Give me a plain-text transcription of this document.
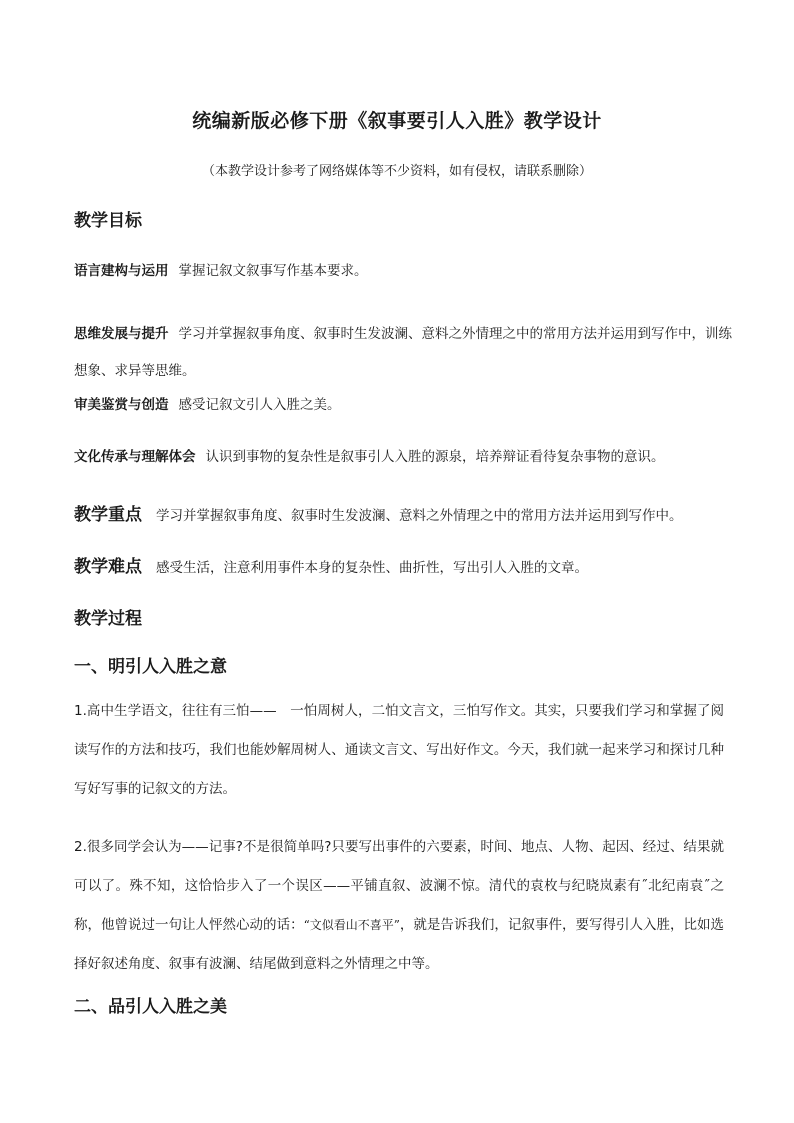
统编新版必修下册《叙事要引人入胜》教学设计
（本教学设计参考了网络媒体等不少资料，如有侵权，请联系删除）
教学目标
语言建构与运用 掌握记叙文叙事写作基本要求。
思维发展与提升 学习并掌握叙事角度、叙事时生发波澜、意料之外情理之中的常用方法并运用到写作中，训练想象、求异等思维。
审美鉴赏与创造 感受记叙文引人入胜之美。
文化传承与理解体会 认识到事物的复杂性是叙事引人入胜的源泉，培养辩证看待复杂事物的意识。
教学重点 学习并掌握叙事角度、叙事时生发波澜、意料之外情理之中的常用方法并运用到写作中。
教学难点 感受生活，注意利用事件本身的复杂性、曲折性，写出引人入胜的文章。
教学过程
一、明引人入胜之意
1.高中生学语文，往往有三怕——　一怕周树人，二怕文言文，三怕写作文。其实，只要我们学习和掌握了阅读写作的方法和技巧，我们也能妙解周树人、通读文言文、写出好作文。今天，我们就一起来学习和探讨几种写好写事的记叙文的方法。
2.很多同学会认为——记事?不是很简单吗?只要写出事件的六要素，时间、地点、人物、起因、经过、结果就可以了。殊不知，这恰恰步入了一个误区——平铺直叙、波澜不惊。清代的袁枚与纪晓岚素有˝北纪南袁˝之称，他曾说过一句让人怦然心动的话：“文似看山不喜平”，就是告诉我们，记叙事件，要写得引人入胜，比如选择好叙述角度、叙事有波澜、结尾做到意料之外情理之中等。
二、品引人入胜之美
